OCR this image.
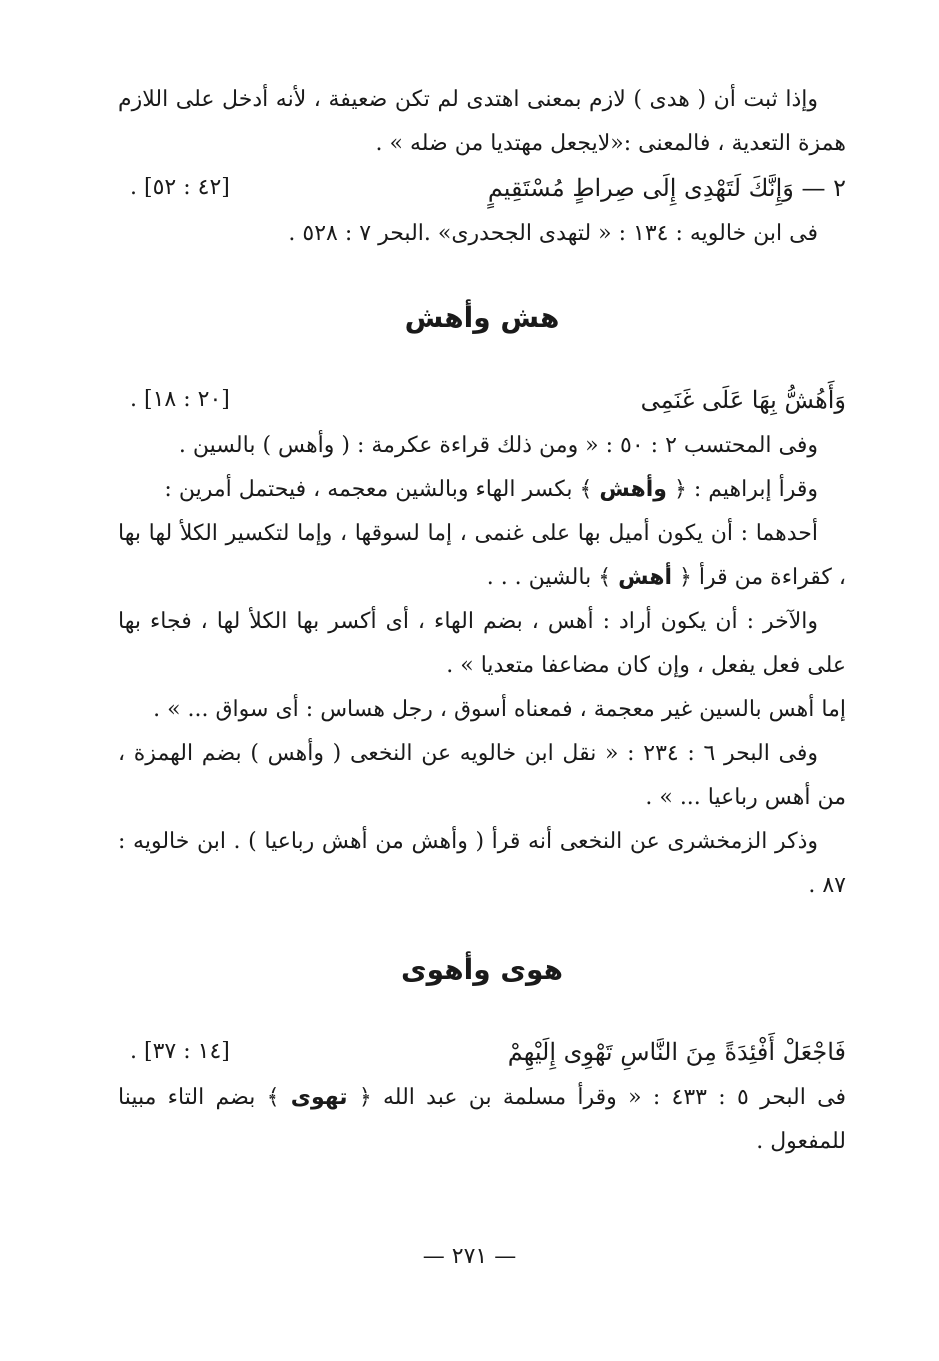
وإذا ثبت أن ( هدى ) لازم بمعنى اهتدى لم تكن ضعيفة ، لأنه أدخل على اللازم همزة التعدية ، فالمعنى :«لايجعل مهتديا من ضله » .

٢ — وَإِنَّكَ لَتَهْدِى إِلَى صِراطٍ مُسْتَقِيمٍ
. [٤٢ : ٥٢]

فى ابن خالويه : ١٣٤ : « لتهدى الجحدرى» .البحر ٧ : ٥٢٨ .

هش وأهش
وَأَهُشُّ بِهَا عَلَى غَنَمِى
. [٢٠ : ١٨]

وفى المحتسب ٢ : ٥٠ : « ومن ذلك قراءة عكرمة : ( وأهس ) بالسين .

وقرأ إبراهيم : ﴿ وأهش ﴾ بكسر الهاء وبالشين معجمه ، فيحتمل أمرين :

أحدهما : أن يكون أميل بها على غنمى ، إما لسوقها ، وإما لتكسير الكلأ لها بها ، كقراءة من قرأ ﴿ أهش ﴾ بالشين . . .

والآخر : أن يكون أراد : أهس ، بضم الهاء ، أى أكسر بها الكلأ لها ، فجاء بها على فعل يفعل ، وإن كان مضاعفا متعديا » .

إما أهس بالسين غير معجمة ، فمعناه أسوق ، رجل هساس : أى سواق ... » .

وفى البحر ٦ : ٢٣٤ : « نقل ابن خالويه عن النخعى ( وأهس ) بضم الهمزة ، من أهس رباعيا ... » .

وذكر الزمخشرى عن النخعى أنه قرأ ( وأهش من أهش رباعيا ) . ابن خالويه : ٨٧ .

هوى وأهوى
فَاجْعَلْ أَفْئِدَةً مِنَ النَّاسِ تَهْوِى إِلَيْهِمْ
. [١٤ : ٣٧]

فى البحر ٥ : ٤٣٣ : « وقرأ مسلمة بن عبد الله ﴿ تهوى ﴾ بضم التاء مبينا للمفعول .

— ٢٧١ —
